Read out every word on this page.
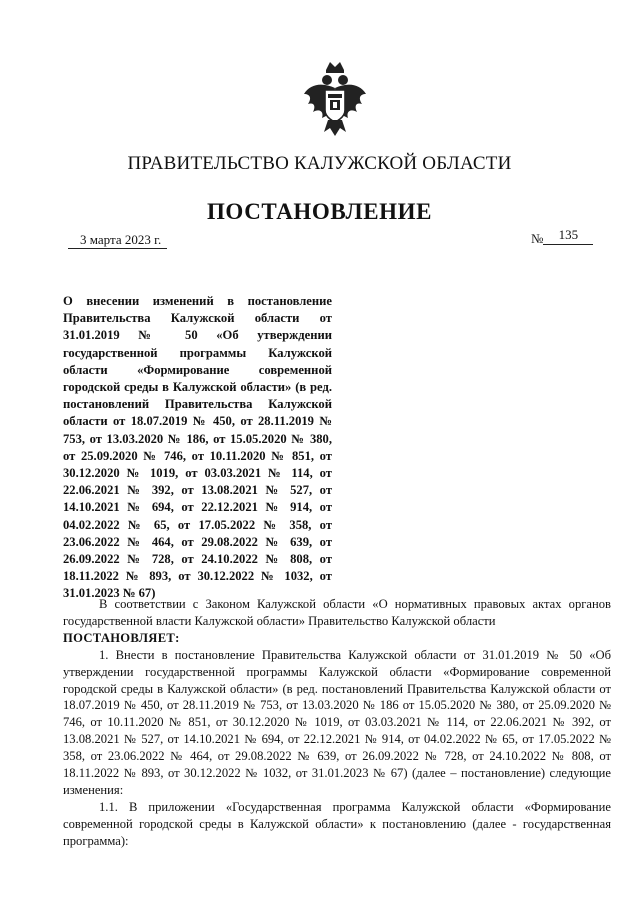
ПРАВИТЕЛЬСТВО КАЛУЖСКОЙ ОБЛАСТИ
ПОСТАНОВЛЕНИЕ
3 марта 2023 г.	№ 135
О внесении изменений в постановление Правительства Калужской области от 31.01.2019 № 50 «Об утверждении государственной программы Калужской области «Формирование современной городской среды в Калужской области» (в ред. постановлений Правительства Калужской области от 18.07.2019 № 450, от 28.11.2019 № 753, от 13.03.2020 № 186, от 15.05.2020 № 380, от 25.09.2020 № 746, от 10.11.2020 № 851, от 30.12.2020 № 1019, от 03.03.2021 № 114, от 22.06.2021 № 392, от 13.08.2021 № 527, от 14.10.2021 № 694, от 22.12.2021 № 914, от 04.02.2022 № 65, от 17.05.2022 № 358, от 23.06.2022 № 464, от 29.08.2022 № 639, от 26.09.2022 № 728, от 24.10.2022 № 808, от 18.11.2022 № 893, от 30.12.2022 № 1032, от 31.01.2023 № 67)

В соответствии с Законом Калужской области «О нормативных правовых актах органов государственной власти Калужской области» Правительство Калужской области

ПОСТАНОВЛЯЕТ:

1. Внести в постановление Правительства Калужской области от 31.01.2019 № 50 «Об утверждении государственной программы Калужской области «Формирование современной городской среды в Калужской области» (в ред. постановлений Правительства Калужской области от 18.07.2019 № 450, от 28.11.2019 № 753, от 13.03.2020 № 186 от 15.05.2020 № 380, от 25.09.2020 № 746, от 10.11.2020 № 851, от 30.12.2020 № 1019, от 03.03.2021 № 114, от 22.06.2021 № 392, от 13.08.2021 № 527, от 14.10.2021 № 694, от 22.12.2021 № 914, от 04.02.2022 № 65, от 17.05.2022 № 358, от 23.06.2022 № 464, от 29.08.2022 № 639, от 26.09.2022 № 728, от 24.10.2022 № 808, от 18.11.2022 № 893, от 30.12.2022 № 1032, от 31.01.2023 № 67) (далее – постановление) следующие изменения:

1.1. В приложении «Государственная программа Калужской области «Формирование современной городской среды в Калужской области» к постановлению (далее - государственная программа):
